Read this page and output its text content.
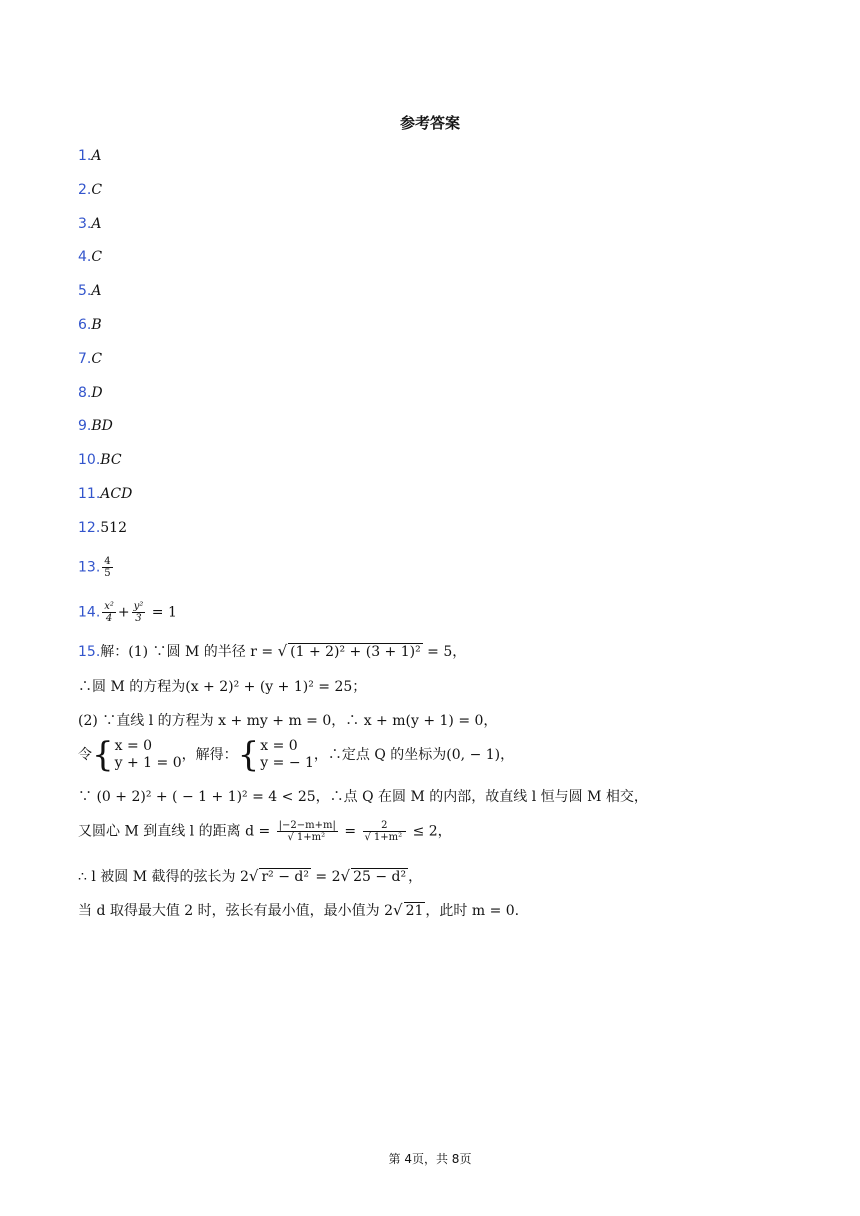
参考答案
1.A
2.C
3.A
4.C
5.A
6.B
7.C
8.D
9.BD
10.BC
11.ACD
12.512
13. $\frac{4}{5}$
14. $\frac{\text{x²}}{4} + \frac{\text{y²}}{3} = 1$
15.解：(1) ∵圆 M 的半径 r = √ (1 + 2)² + (3 + 1)² = 5，
∴圆 M 的方程为(x + 2)² + (y + 1)² = 25；
(2) ∵直线 l 的方程为 x + my + m = 0，∴ x + m(y + 1) = 0，
令 { x = 0
y + 1 = 0 ，解得： { x = 0
y = − 1 ，∴定点 Q 的坐标为(0, − 1)，
∵ (0 + 2)² + ( − 1 + 1)² = 4 < 25，∴点 Q 在圆 M 的内部，故直线 l 恒与圆 M 相交，
又圆心 M 到直线 l 的距离 $d = \frac{|-2-m+m|}{\text{√ 1+m²}} = \frac{2}{\text{√ 1+m²}} \le 2$，
∴ l 被圆 M 截得的弦长为 2√ r² − d² = 2√ 25 − d² ，
当 d 取得最大值 2 时，弦长有最小值，最小值为 2√ 21 ，此时 m = 0.
第 4页，共 8页
